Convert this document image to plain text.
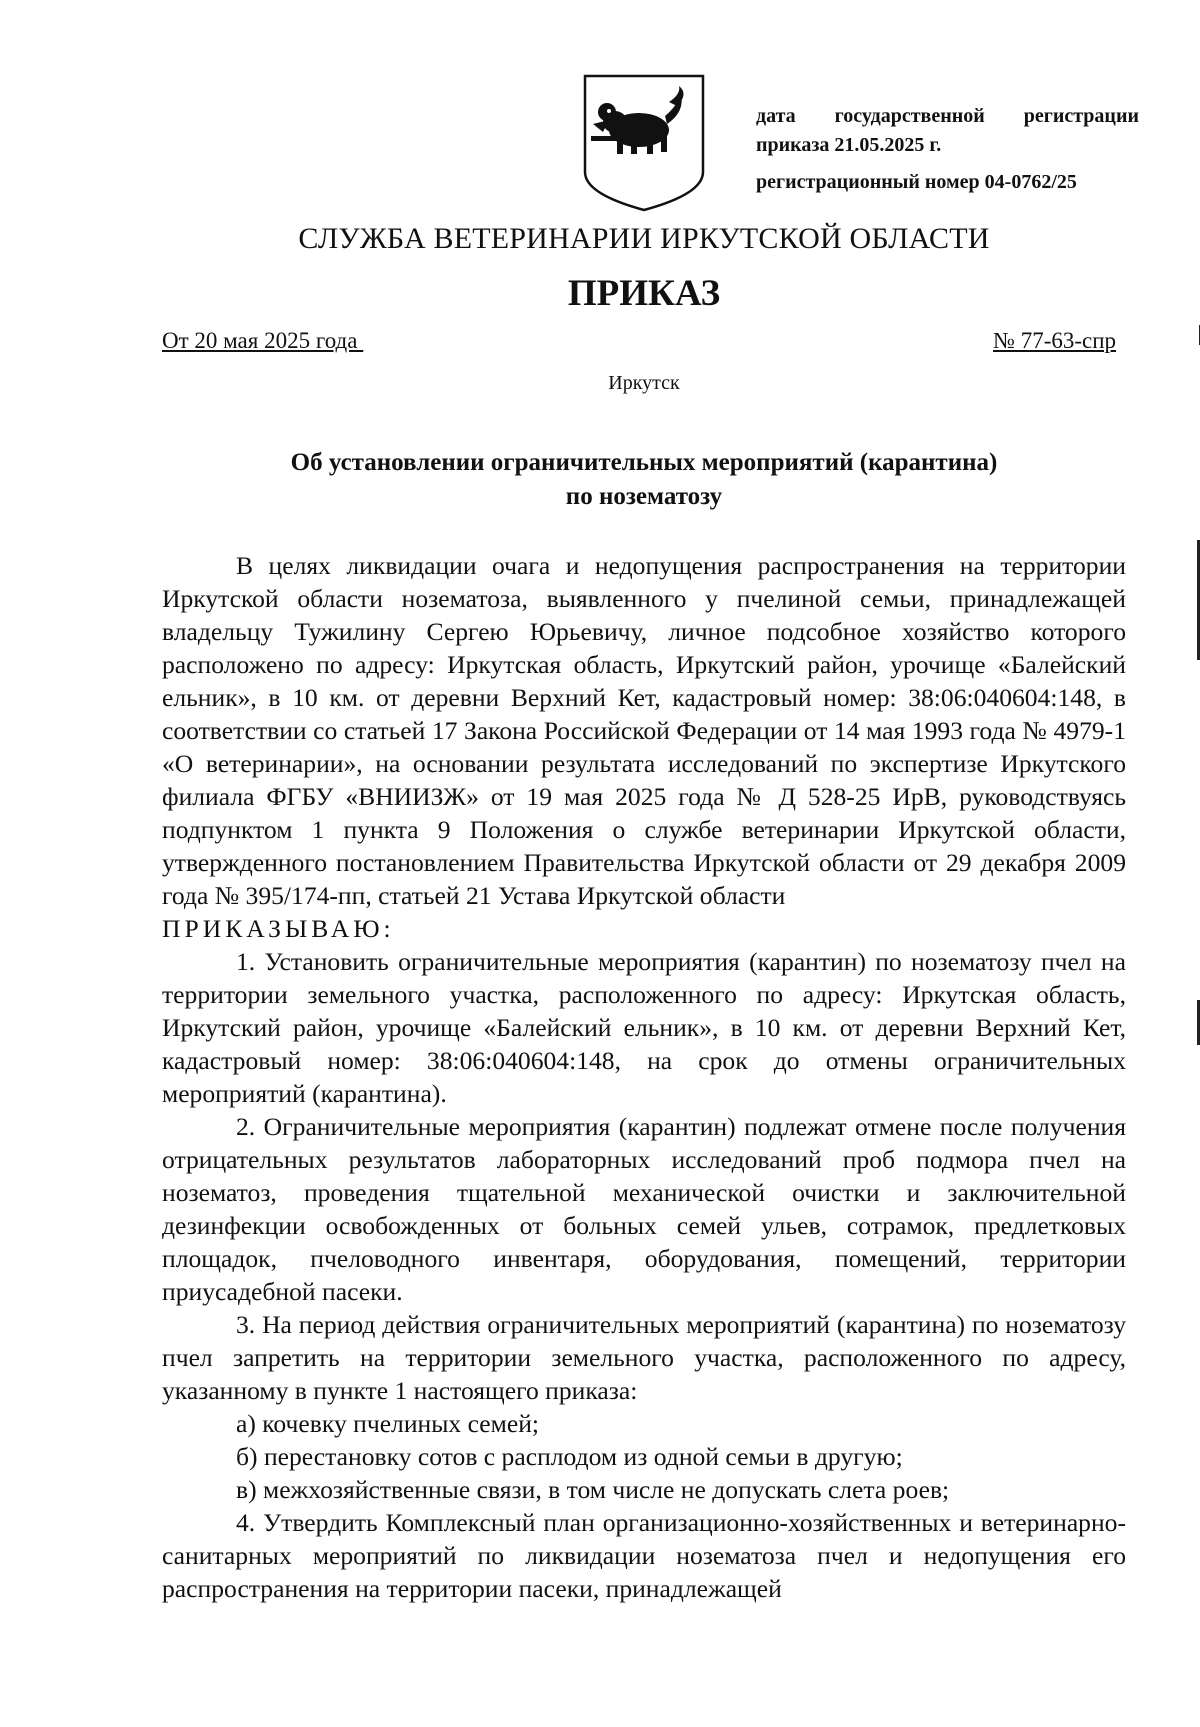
дата государственной регистрации
приказа 21.05.2025 г.
регистрационный номер 04-0762/25
СЛУЖБА ВЕТЕРИНАРИИ ИРКУТСКОЙ ОБЛАСТИ
ПРИКАЗ
От 20 мая 2025 года	№ 77-63-спр
Иркутск
Об установлении ограничительных мероприятий (карантина)
по нозематозу
В целях ликвидации очага и недопущения распространения на территории Иркутской области нозематоза, выявленного у пчелиной семьи, принадлежащей владельцу Тужилину Сергею Юрьевичу, личное подсобное хозяйство которого расположено по адресу: Иркутская область, Иркутский район, урочище «Балейский ельник», в 10 км. от деревни Верхний Кет, кадастровый номер: 38:06:040604:148, в соответствии со статьей 17 Закона Российской Федерации от 14 мая 1993 года № 4979-1 «О ветеринарии», на основании результата исследований по экспертизе Иркутского филиала ФГБУ «ВНИИЗЖ» от 19 мая 2025 года № Д 528-25 ИрВ, руководствуясь подпунктом 1 пункта 9 Положения о службе ветеринарии Иркутской области, утвержденного постановлением Правительства Иркутской области от 29 декабря 2009 года № 395/174-пп, статьей 21 Устава Иркутской области
ПРИКАЗЫВАЮ:
1. Установить ограничительные мероприятия (карантин) по нозематозу пчел на территории земельного участка, расположенного по адресу: Иркутская область, Иркутский район, урочище «Балейский ельник», в 10 км. от деревни Верхний Кет, кадастровый номер: 38:06:040604:148, на срок до отмены ограничительных мероприятий (карантина).
2. Ограничительные мероприятия (карантин) подлежат отмене после получения отрицательных результатов лабораторных исследований проб подмора пчел на нозематоз, проведения тщательной механической очистки и заключительной дезинфекции освобожденных от больных семей ульев, сотрамок, предлетковых площадок, пчеловодного инвентаря, оборудования, помещений, территории приусадебной пасеки.
3. На период действия ограничительных мероприятий (карантина) по нозематозу пчел запретить на территории земельного участка, расположенного по адресу, указанному в пункте 1 настоящего приказа:
а) кочевку пчелиных семей;
б) перестановку сотов с расплодом из одной семьи в другую;
в) межхозяйственные связи, в том числе не допускать слета роев;
4. Утвердить Комплексный план организационно-хозяйственных и ветеринарно-санитарных мероприятий по ликвидации нозематоза пчел и недопущения его распространения на территории пасеки, принадлежащей
